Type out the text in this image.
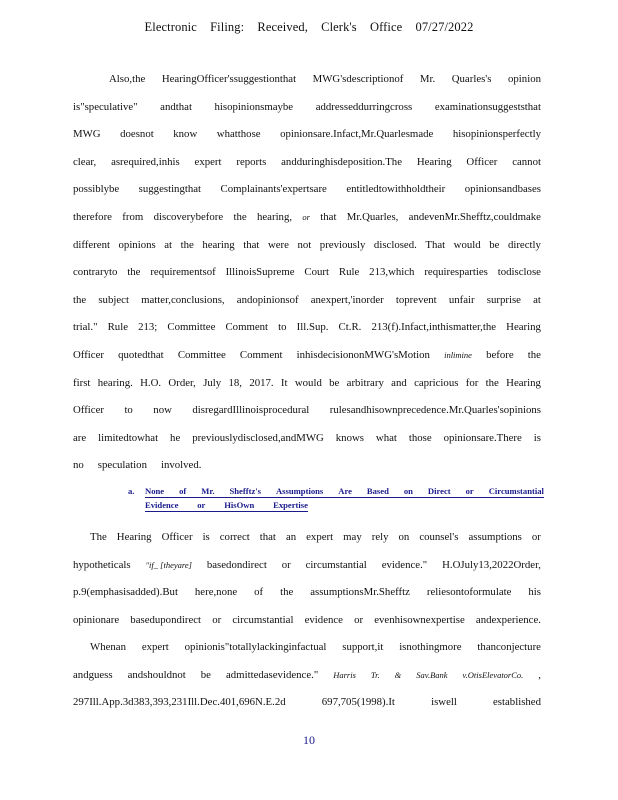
Electronic Filing: Received, Clerk's Office 07/27/2022
Also,the HearingOfficer'ssuggestionthat MWG'sdescriptionof Mr. Quarles's opinion
is"speculative" andthat hisopinionsmaybe addresseddurringcross examinationsuggeststhat
MWG doesnot know whatthose opinionsare.Infact,Mr.Quarlesmade hisopinionsperfectly
clear, asrequired,inhis expert reports andduringhisdeposition.The Hearing Officer cannot
possiblybe suggestingthat Complainants'expertsare entitledtowithholdtheir opinionsandbases
therefore from discoverybefore the hearing, or that Mr.Quarles, andevenMr.Shefftz,couldmake
different opinions at the hearing that were not previously disclosed. That would be directly
contraryto the requirementsof IllinoisSupreme Court Rule 213,which requiresparties todisclose
the subject matter,conclusions, andopinionsof anexpert,'inorder toprevent unfair surprise at
trial." Rule 213; Committee Comment to Ill.Sup. Ct.R. 213(f).Infact,inthismatter,the Hearing
Officer quotedthat Committee Comment inhisdecisiononMWG'sMotion inlimine before the
first hearing. H.O. Order, July 18, 2017. It would be arbitrary and capricious for the Hearing
Officer to now disregardIllinoisprocedural rulesandhisownprecedence.Mr.Quarles'sopinions
are limitedtowhat he previouslydisclosed,andMWG knows what those opinionsare.There is
no speculation involved.
a. None of Mr. Shefftz's Assumptions Are Based on Direct or Circumstantial
Evidence or HisOwn Expertise
The Hearing Officer is correct that an expert may rely on counsel's assumptions or
hypotheticals "if_ [theyare] basedondirect or circumstantial evidence." H.OJuly13,2022Order,
p.9(emphasisadded).But here,none of the assumptionsMr.Shefftz reliesontoformulate his
opinionare basedupondirect or circumstantial evidence or evenhisownexpertise andexperience.
Whenan expert opinionis"totallylackinginfactual support,it isnothingmore thanconjecture
andguess andshouldnot be admittedasevidence." Harris Tr. & Sav.Bank v.OtisElevatorCo. ,
297Ill.App.3d383,393,231Ill.Dec.401,696N.E.2d	697,705(1998).It	iswell	established
10
